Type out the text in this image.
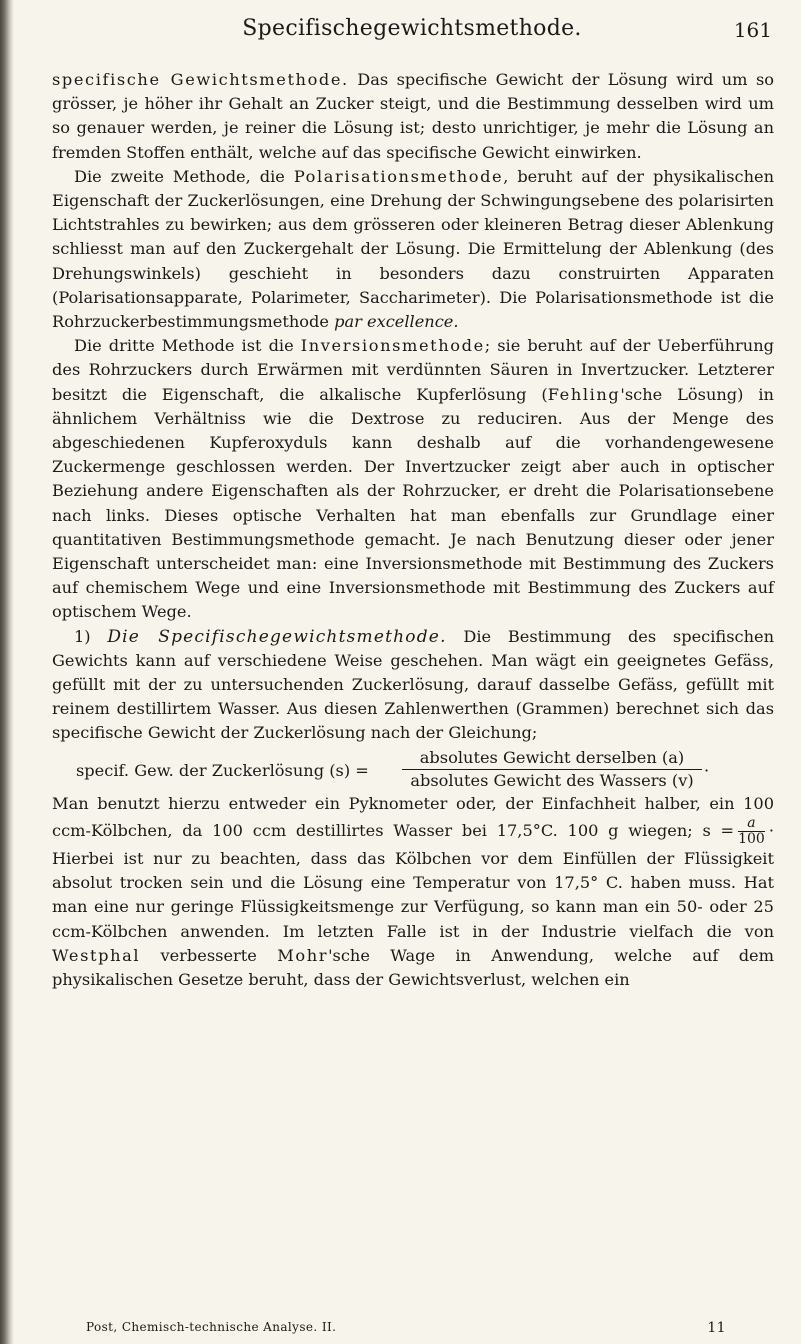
Specifischegewichtsmethode.	161

specifische Gewichtsmethode. Das specifische Gewicht der Lösung wird um so grösser, je höher ihr Gehalt an Zucker steigt, und die Bestimmung desselben wird um so genauer werden, je reiner die Lösung ist; desto unrichtiger, je mehr die Lösung an fremden Stoffen enthält, welche auf das specifische Gewicht einwirken.

Die zweite Methode, die Polarisationsmethode, beruht auf der physikalischen Eigenschaft der Zuckerlösungen, eine Drehung der Schwingungsebene des polarisirten Lichtstrahles zu bewirken; aus dem grösseren oder kleineren Betrag dieser Ablenkung schliesst man auf den Zuckergehalt der Lösung. Die Ermittelung der Ablenkung (des Drehungswinkels) geschieht in besonders dazu construirten Apparaten (Polarisationsapparate, Polarimeter, Saccharimeter). Die Polarisationsmethode ist die Rohrzuckerbestimmungsmethode par excellence.

Die dritte Methode ist die Inversionsmethode; sie beruht auf der Ueberführung des Rohrzuckers durch Erwärmen mit verdünnten Säuren in Invertzucker. Letzterer besitzt die Eigenschaft, die alkalische Kupferlösung (Fehling'sche Lösung) in ähnlichem Verhältniss wie die Dextrose zu reduciren. Aus der Menge des abgeschiedenen Kupferoxyduls kann deshalb auf die vorhandengewesene Zuckermenge geschlossen werden. Der Invertzucker zeigt aber auch in optischer Beziehung andere Eigenschaften als der Rohrzucker, er dreht die Polarisationsebene nach links. Dieses optische Verhalten hat man ebenfalls zur Grundlage einer quantitativen Bestimmungsmethode gemacht. Je nach Benutzung dieser oder jener Eigenschaft unterscheidet man: eine Inversionsmethode mit Bestimmung des Zuckers auf chemischem Wege und eine Inversionsmethode mit Bestimmung des Zuckers auf optischem Wege.

1) Die Specifischegewichtsmethode. Die Bestimmung des specifischen Gewichts kann auf verschiedene Weise geschehen. Man wägt ein geeignetes Gefäss, gefüllt mit der zu untersuchenden Zuckerlösung, darauf dasselbe Gefäss, gefüllt mit reinem destillirtem Wasser. Aus diesen Zahlenwerthen (Grammen) berechnet sich das specifische Gewicht der Zuckerlösung nach der Gleichung;

specif. Gew. der Zuckerlösung (s) =
absolutes Gewicht derselben (a)
absolutes Gewicht des Wassers (v)
·

Man benutzt hierzu entweder ein Pyknometer oder, der Einfachheit halber, ein 100 ccm-Kölbchen, da 100 ccm destillirtes Wasser bei 17,5°C. 100 g wiegen; $s = \frac{a}{100}$ · Hierbei ist nur zu beachten, dass das Kölbchen vor dem Einfüllen der Flüssigkeit absolut trocken sein und die Lösung eine Temperatur von 17,5° C. haben muss. Hat man eine nur geringe Flüssigkeitsmenge zur Verfügung, so kann man ein 50- oder 25 ccm-Kölbchen anwenden. Im letzten Falle ist in der Industrie vielfach die von Westphal verbesserte Mohr'sche Wage in Anwendung, welche auf dem physikalischen Gesetze beruht, dass der Gewichtsverlust, welchen ein

Post, Chemisch-technische Analyse. II.	11
